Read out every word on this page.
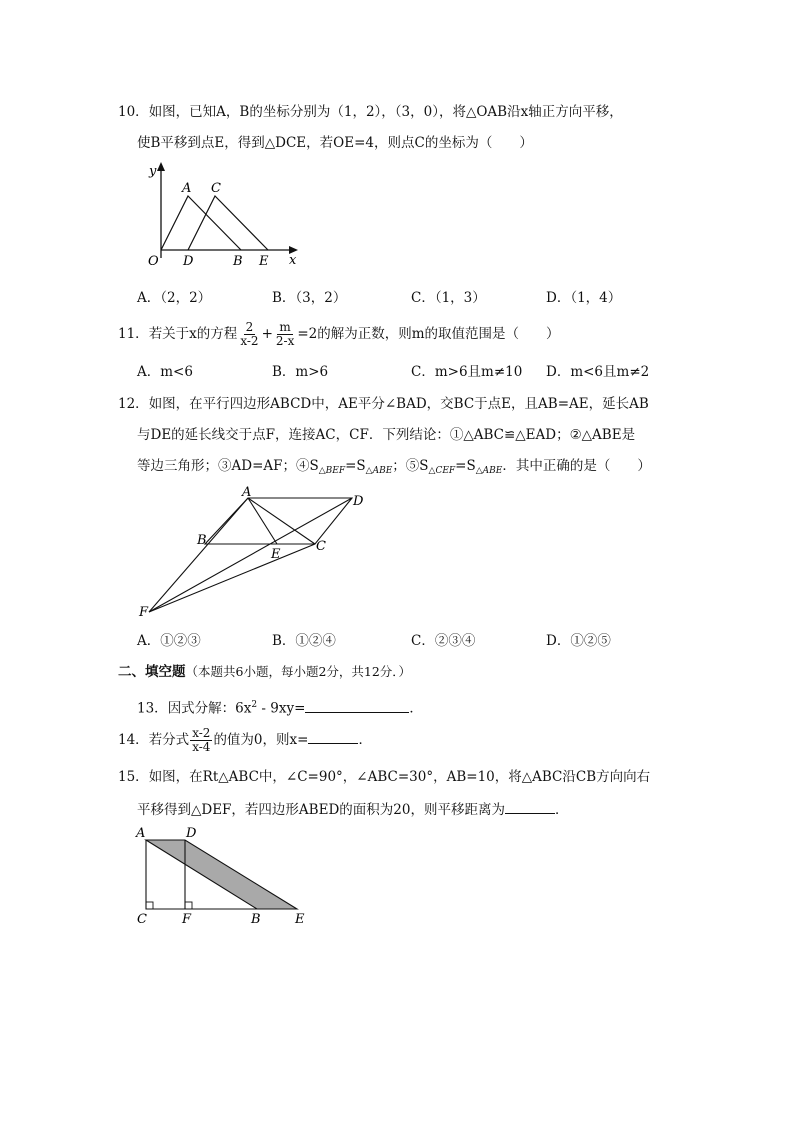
10．如图，已知A，B的坐标分别为（1，2），（3，0），将△OAB沿x轴正方向平移，
使B平移到点E，得到△DCE，若OE=4，则点C的坐标为（　　）
y
x
O
A C
D	B E
A．（2，2）	B．（3，2）	C．（1，3）	D．（1，4）
11．若关于x的方程 $\frac{2}{x-2} + \frac{m}{2-x} =2$的解为正数，则m的取值范围是（　　）
A．m<6	B．m>6	C．m>6且m≠10 D．m<6且m≠2
12．如图，在平行四边形ABCD中，AE平分∠BAD，交BC于点E，且AB=AE，延长AB
与DE的延长线交于点F，连接AC，CF．下列结论：①△ABC≌△EAD；②△ABE是
等边三角形；③AD=AF；$④S_{\triangle BEF}=S_{\triangle ABE}$；$⑤S_{\triangle CEF}=S_{\triangle ABE}$．其中正确的是（　　）
A
D
B
E
C
F
A．①②③	B．①②④	C．②③④	D．①②⑤
二、填空题（本题共6小题，每小题2分，共12分．）
13．因式分解：$6x^2 - 9xy=$	．
14．若分式 $\frac{x-2}{x-4}$ 的值为0，则x=	．
15．如图，在Rt△ABC中，∠C=90°，∠ABC=30°，AB=10，将△ABC沿CB方向向右
平移得到△DEF，若四边形ABED的面积为20，则平移距离为	．
A	D
C	F	B	E
